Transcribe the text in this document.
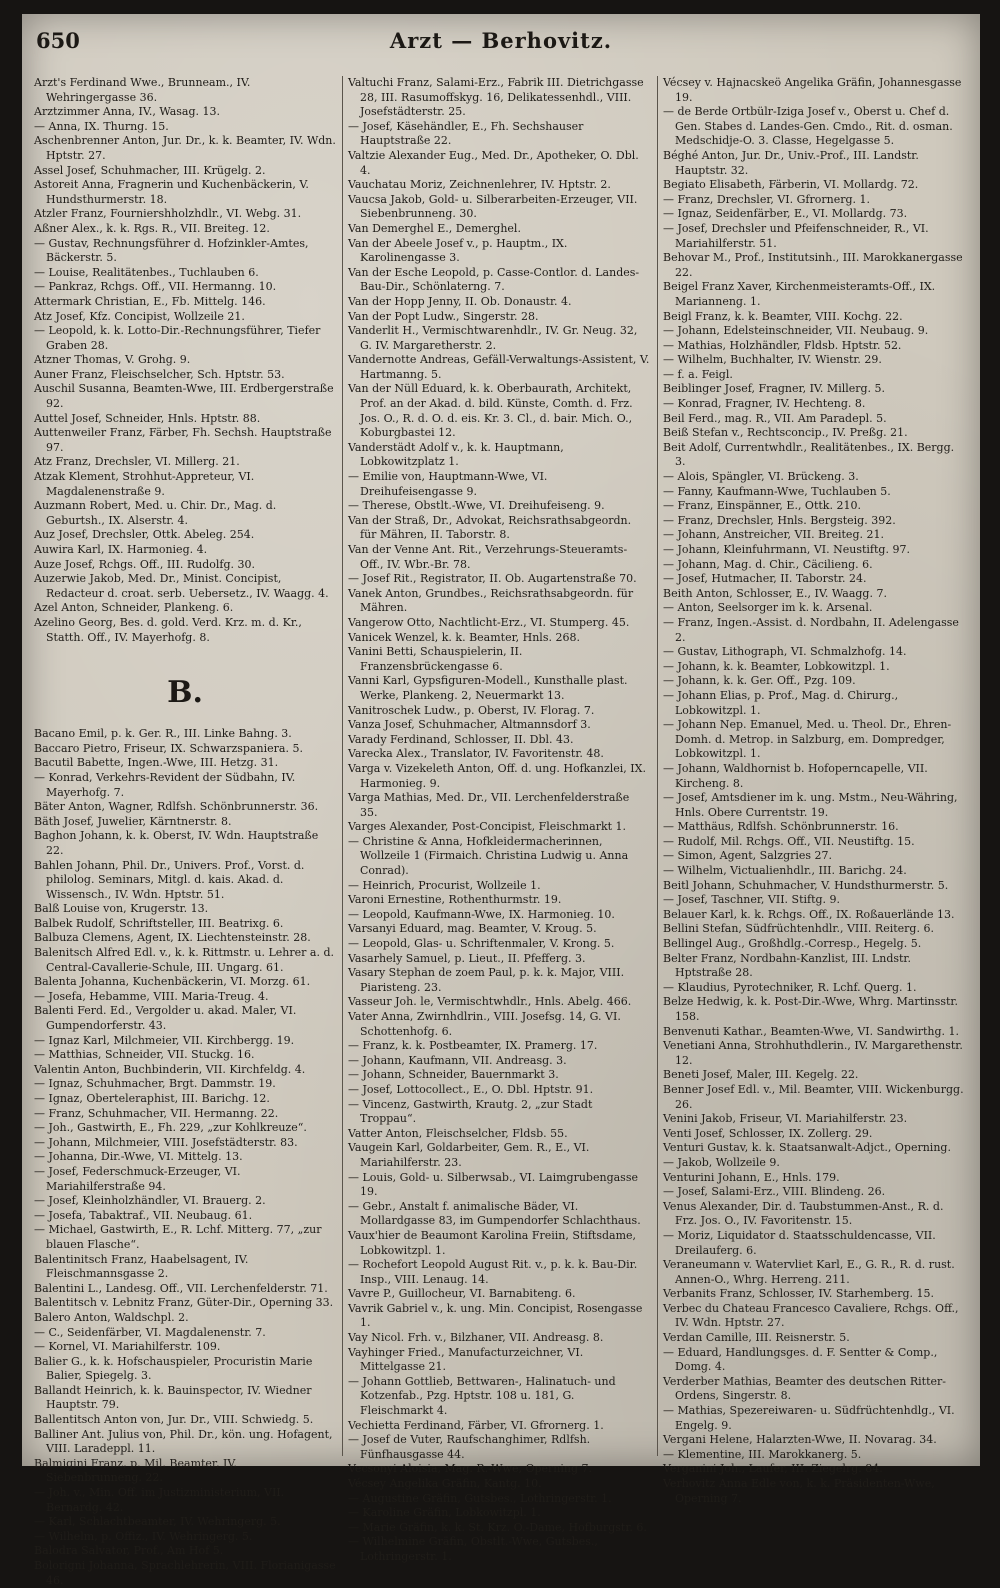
650	Arzt — Berhovitz.

Arzt's Ferdinand Wwe., Brunneam., IV. Wehringergasse 36.

Arztzimmer Anna, IV., Wasag. 13.

— Anna, IX. Thurng. 15.

Aschenbrenner Anton, Jur. Dr., k. k. Beamter, IV. Wdn. Hptstr. 27.

Assel Josef, Schuhmacher, III. Krügelg. 2.

Astoreit Anna, Fragnerin und Kuchenbäckerin, V. Hundsthurmerstr. 18.

Atzler Franz, Fourniershholzhdlr., VI. Webg. 31.

Aßner Alex., k. k. Rgs. R., VII. Breiteg. 12.

— Gustav, Rechnungsführer d. Hofzinkler-Amtes, Bäckerstr. 5.

— Louise, Realitätenbes., Tuchlauben 6.

— Pankraz, Rchgs. Off., VII. Hermanng. 10.

Attermark Christian, E., Fb. Mittelg. 146.

Atz Josef, Kfz. Concipist, Wollzeile 21.

— Leopold, k. k. Lotto-Dir.-Rechnungsführer, Tiefer Graben 28.

Atzner Thomas, V. Grohg. 9.

Auner Franz, Fleischselcher, Sch. Hptstr. 53.

Auschil Susanna, Beamten-Wwe, III. Erdbergerstraße 92.

Auttel Josef, Schneider, Hnls. Hptstr. 88.

Auttenweiler Franz, Färber, Fh. Sechsh. Hauptstraße 97.

Atz Franz, Drechsler, VI. Millerg. 21.

Atzak Klement, Strohhut-Appreteur, VI. Magdalenenstraße 9.

Auzmann Robert, Med. u. Chir. Dr., Mag. d. Geburtsh., IX. Alserstr. 4.

Auz Josef, Drechsler, Ottk. Abeleg. 254.

Auwira Karl, IX. Harmonieg. 4.

Auze Josef, Rchgs. Off., III. Rudolfg. 30.

Auzerwie Jakob, Med. Dr., Minist. Concipist, Redacteur d. croat. serb. Uebersetz., IV. Waagg. 4.

Azel Anton, Schneider, Plankeng. 6.

Azelino Georg, Bes. d. gold. Verd. Krz. m. d. Kr., Statth. Off., IV. Mayerhofg. 8.

B.

Bacano Emil, p. k. Ger. R., III. Linke Bahng. 3.

Baccaro Pietro, Friseur, IX. Schwarzspaniera. 5.

Bacutil Babette, Ingen.-Wwe, III. Hetzg. 31.

— Konrad, Verkehrs-Revident der Südbahn, IV. Mayerhofg. 7.

Bäter Anton, Wagner, Rdlfsh. Schönbrunnerstr. 36.

Bäth Josef, Juwelier, Kärntnerstr. 8.

Baghon Johann, k. k. Oberst, IV. Wdn. Hauptstraße 22.

Bahlen Johann, Phil. Dr., Univers. Prof., Vorst. d. philolog. Seminars, Mitgl. d. kais. Akad. d. Wissensch., IV. Wdn. Hptstr. 51.

Balß Louise von, Krugerstr. 13.

Balbek Rudolf, Schriftsteller, III. Beatrixg. 6.

Balbuza Clemens, Agent, IX. Liechtensteinstr. 28.

Balenitsch Alfred Edl. v., k. k. Rittmstr. u. Lehrer a. d. Central-Cavallerie-Schule, III. Ungarg. 61.

Balenta Johanna, Kuchenbäckerin, VI. Morzg. 61.

— Josefa, Hebamme, VIII. Maria-Treug. 4.

Balenti Ferd. Ed., Vergolder u. akad. Maler, VI. Gumpendorferstr. 43.

— Ignaz Karl, Milchmeier, VII. Kirchbergg. 19.

— Matthias, Schneider, VII. Stuckg. 16.

Valentin Anton, Buchbinderin, VII. Kirchfeldg. 4.

— Ignaz, Schuhmacher, Brgt. Dammstr. 19.

— Ignaz, Oberteleraphist, III. Barichg. 12.

— Franz, Schuhmacher, VII. Hermanng. 22.

— Joh., Gastwirth, E., Fh. 229, „zur Kohlkreuze“.

— Johann, Milchmeier, VIII. Josefstädterstr. 83.

— Johanna, Dir.-Wwe, VI. Mittelg. 13.

— Josef, Federschmuck-Erzeuger, VI. Mariahilferstraße 94.

— Josef, Kleinholzhändler, VI. Brauerg. 2.

— Josefa, Tabaktraf., VII. Neubaug. 61.

— Michael, Gastwirth, E., R. Lchf. Mitterg. 77, „zur blauen Flasche“.

Balentinitsch Franz, Haabelsagent, IV. Fleischmannsgasse 2.

Balentini L., Landesg. Off., VII. Lerchenfelderstr. 71.

Balentitsch v. Lebnitz Franz, Güter-Dir., Operning 33.

Balero Anton, Waldschpl. 2.

— C., Seidenfärber, VI. Magdalenenstr. 7.

— Kornel, VI. Mariahilferstr. 109.

Balier G., k. k. Hofschauspieler, Procuristin Marie Balier, Spiegelg. 3.

Ballandt Heinrich, k. k. Bauinspector, IV. Wiedner Hauptstr. 79.

Ballentitsch Anton von, Jur. Dr., VIII. Schwiedg. 5.

Balliner Ant. Julius von, Phil. Dr., kön. ung. Hofagent, VIII. Laradeppl. 11.

Balmigini Franz, p. Mil. Beamter, IV. Siebenbrunneng. 22.

— Joh. v., Min. Off. im Justizministerium, VII. Bernardg. 42.

— Karl, Schlachtbeamter, IV. Wehringerg. 5.

— Wilhelm, p. Offiz., IV. Wehringerg. 5.

Balodra Salvator, Prof., Am Hof 5.

Bolorigni Johanna, Sprachlehrerin, VIII. Florianigasse 46.

Valtuchi Franz, Salami-Erz., Fabrik III. Dietrichgasse 28, III. Rasumoffskyg. 16, Delikatessenhdl., VIII. Josefstädterstr. 25.

— Josef, Käsehändler, E., Fh. Sechshauser Hauptstraße 22.

Valtzie Alexander Eug., Med. Dr., Apotheker, O. Dbl. 4.

Vauchatau Moriz, Zeichnenlehrer, IV. Hptstr. 2.

Vaucsa Jakob, Gold- u. Silberarbeiten-Erzeuger, VII. Siebenbrunneng. 30.

Van Demerghel E., Demerghel.

Van der Abeele Josef v., p. Hauptm., IX. Karolinengasse 3.

Van der Esche Leopold, p. Casse-Contlor. d. Landes-Bau-Dir., Schönlaterng. 7.

Van der Hopp Jenny, II. Ob. Donaustr. 4.

Van der Popt Ludw., Singerstr. 28.

Vanderlit H., Vermischtwarenhdlr., IV. Gr. Neug. 32, G. IV. Margaretherstr. 2.

Vandernotte Andreas, Gefäll-Verwaltungs-Assistent, V. Hartmanng. 5.

Van der Nüll Eduard, k. k. Oberbaurath, Architekt, Prof. an der Akad. d. bild. Künste, Comth. d. Frz. Jos. O., R. d. O. d. eis. Kr. 3. Cl., d. bair. Mich. O., Koburgbastei 12.

Vanderstädt Adolf v., k. k. Hauptmann, Lobkowitzplatz 1.

— Emilie von, Hauptmann-Wwe, VI. Dreihufeisengasse 9.

— Therese, Obstlt.-Wwe, VI. Dreihufeiseng. 9.

Van der Straß, Dr., Advokat, Reichsrathsabgeordn. für Mähren, II. Taborstr. 8.

Van der Venne Ant. Rit., Verzehrungs-Steueramts-Off., IV. Wbr.-Br. 78.

— Josef Rit., Registrator, II. Ob. Augartenstraße 70.

Vanek Anton, Grundbes., Reichsrathsabgeordn. für Mähren.

Vangerow Otto, Nachtlicht-Erz., VI. Stumperg. 45.

Vanicek Wenzel, k. k. Beamter, Hnls. 268.

Vanini Betti, Schauspielerin, II. Franzensbrückengasse 6.

Vanni Karl, Gypsfiguren-Modell., Kunsthalle plast. Werke, Plankeng. 2, Neuermarkt 13.

Vanitroschek Ludw., p. Oberst, IV. Florag. 7.

Vanza Josef, Schuhmacher, Altmannsdorf 3.

Varady Ferdinand, Schlosser, II. Dbl. 43.

Varecka Alex., Translator, IV. Favoritenstr. 48.

Varga v. Vizekeleth Anton, Off. d. ung. Hofkanzlei, IX. Harmonieg. 9.

Varga Mathias, Med. Dr., VII. Lerchenfelderstraße 35.

Varges Alexander, Post-Concipist, Fleischmarkt 1.

— Christine & Anna, Hofkleidermacherinnen, Wollzeile 1 (Firmaich. Christina Ludwig u. Anna Conrad).

— Heinrich, Procurist, Wollzeile 1.

Varoni Ernestine, Rothenthurmstr. 19.

— Leopold, Kaufmann-Wwe, IX. Harmonieg. 10.

Varsanyi Eduard, mag. Beamter, V. Kroug. 5.

— Leopold, Glas- u. Schriftenmaler, V. Krong. 5.

Vasarhely Samuel, p. Lieut., II. Pfefferg. 3.

Vasary Stephan de zoem Paul, p. k. k. Major, VIII. Piaristeng. 23.

Vasseur Joh. le, Vermischtwhdlr., Hnls. Abelg. 466.

Vater Anna, Zwirnhdlrin., VIII. Josefsg. 14, G. VI. Schottenhofg. 6.

— Franz, k. k. Postbeamter, IX. Pramerg. 17.

— Johann, Kaufmann, VII. Andreasg. 3.

— Johann, Schneider, Bauernmarkt 3.

— Josef, Lottocollect., E., O. Dbl. Hptstr. 91.

— Vincenz, Gastwirth, Krautg. 2, „zur Stadt Troppau“.

Vatter Anton, Fleischselcher, Fldsb. 55.

Vaugein Karl, Goldarbeiter, Gem. R., E., VI. Mariahilferstr. 23.

— Louis, Gold- u. Silberwsab., VI. Laimgrubengasse 19.

— Gebr., Anstalt f. animalische Bäder, VI. Mollardgasse 83, im Gumpendorfer Schlachthaus.

Vaux'hier de Beaumont Karolina Freiin, Stiftsdame, Lobkowitzpl. 1.

— Rochefort Leopold August Rit. v., p. k. k. Bau-Dir. Insp., VIII. Lenaug. 14.

Vavre P., Guillocheur, VI. Barnabiteng. 6.

Vavrik Gabriel v., k. ung. Min. Concipist, Rosengasse 1.

Vay Nicol. Frh. v., Bilzhaner, VII. Andreasg. 8.

Vayhinger Fried., Manufacturzeichner, VI. Mittelgasse 21.

— Johann Gottlieb, Bettwaren-, Halinatuch- und Kotzenfab., Pzg. Hptstr. 108 u. 181, G. Fleischmarkt 4.

Vechietta Ferdinand, Färber, VI. Gfrornerg. 1.

— Josef de Vuter, Raufschanghimer, Rdlfsh. Fünfhausgasse 44.

Vecsonyi Aloisia, Mag. R.-Wwe, Operning 7.

Vécsey Angelika Gräfin, Kantg. 10.

— Augustine Gräfin, Gutsbes., Lothringerstr. 1.

— Karoline Gräfin, Lobkowitzpl. 1.

— Marie Gräfin, k. k. St. Krz. O.-Dame, Hofburgstr. 6.

— Wilhelmine Gräfin, Obstlt.-Wwe, Gutsbes., Lothringerstr. 1.

Vécsey v. Hajnacskeö Angelika Gräfin, Johannesgasse 19.

— de Berde Ortbülr-Iziga Josef v., Oberst u. Chef d. Gen. Stabes d. Landes-Gen. Cmdo., Rit. d. osman. Medschidje-O. 3. Classe, Hegelgasse 5.

Béghé Anton, Jur. Dr., Univ.-Prof., III. Landstr. Hauptstr. 32.

Begiato Elisabeth, Färberin, VI. Mollardg. 72.

— Franz, Drechsler, VI. Gfrornerg. 1.

— Ignaz, Seidenfärber, E., VI. Mollardg. 73.

— Josef, Drechsler und Pfeifenschneider, R., VI. Mariahilferstr. 51.

Behovar M., Prof., Institutsinh., III. Marokkanergasse 22.

Beigel Franz Xaver, Kirchenmeisteramts-Off., IX. Marianneng. 1.

Beigl Franz, k. k. Beamter, VIII. Kochg. 22.

— Johann, Edelsteinschneider, VII. Neubaug. 9.

— Mathias, Holzhändler, Fldsb. Hptstr. 52.

— Wilhelm, Buchhalter, IV. Wienstr. 29.

— f. a. Feigl.

Beiblinger Josef, Fragner, IV. Millerg. 5.

— Konrad, Fragner, IV. Hechteng. 8.

Beil Ferd., mag. R., VII. Am Paradepl. 5.

Beiß Stefan v., Rechtsconcip., IV. Preßg. 21.

Beit Adolf, Currentwhdlr., Realitätenbes., IX. Bergg. 3.

— Alois, Spängler, VI. Brückeng. 3.

— Fanny, Kaufmann-Wwe, Tuchlauben 5.

— Franz, Einspänner, E., Ottk. 210.

— Franz, Drechsler, Hnls. Bergsteig. 392.

— Johann, Anstreicher, VII. Breiteg. 21.

— Johann, Kleinfuhrmann, VI. Neustiftg. 97.

— Johann, Mag. d. Chir., Cäcilieng. 6.

— Josef, Hutmacher, II. Taborstr. 24.

Beith Anton, Schlosser, E., IV. Waagg. 7.

— Anton, Seelsorger im k. k. Arsenal.

— Franz, Ingen.-Assist. d. Nordbahn, II. Adelengasse 2.

— Gustav, Lithograph, VI. Schmalzhofg. 14.

— Johann, k. k. Beamter, Lobkowitzpl. 1.

— Johann, k. k. Ger. Off., Pzg. 109.

— Johann Elias, p. Prof., Mag. d. Chirurg., Lobkowitzpl. 1.

— Johann Nep. Emanuel, Med. u. Theol. Dr., Ehren-Domh. d. Metrop. in Salzburg, em. Dompredger, Lobkowitzpl. 1.

— Johann, Waldhornist b. Hofoperncapelle, VII. Kircheng. 8.

— Josef, Amtsdiener im k. ung. Mstm., Neu-Währing, Hnls. Obere Currentstr. 19.

— Matthäus, Rdlfsh. Schönbrunnerstr. 16.

— Rudolf, Mil. Rchgs. Off., VII. Neustiftg. 15.

— Simon, Agent, Salzgries 27.

— Wilhelm, Victualienhdlr., III. Barichg. 24.

Beitl Johann, Schuhmacher, V. Hundsthurmerstr. 5.

— Josef, Taschner, VII. Stiftg. 9.

Belauer Karl, k. k. Rchgs. Off., IX. Roßauerlände 13.

Bellini Stefan, Südfrüchtenhdlr., VIII. Reiterg. 6.

Bellingel Aug., Großhdlg.-Corresp., Hegelg. 5.

Belter Franz, Nordbahn-Kanzlist, III. Lndstr. Hptstraße 28.

— Klaudius, Pyrotechniker, R. Lchf. Querg. 1.

Belze Hedwig, k. k. Post-Dir.-Wwe, Whrg. Martinsstr. 158.

Benvenuti Kathar., Beamten-Wwe, VI. Sandwirthg. 1.

Venetiani Anna, Strohhuthdlerin., IV. Margarethenstr. 12.

Beneti Josef, Maler, III. Kegelg. 22.

Benner Josef Edl. v., Mil. Beamter, VIII. Wickenburgg. 26.

Venini Jakob, Friseur, VI. Mariahilferstr. 23.

Venti Josef, Schlosser, IX. Zollerg. 29.

Venturi Gustav, k. k. Staatsanwalt-Adjct., Operning.

— Jakob, Wollzeile 9.

Venturini Johann, E., Hnls. 179.

— Josef, Salami-Erz., VIII. Blindeng. 26.

Venus Alexander, Dir. d. Taubstummen-Anst., R. d. Frz. Jos. O., IV. Favoritenstr. 15.

— Moriz, Liquidator d. Staatsschuldencasse, VII. Dreilauferg. 6.

Veraneumann v. Watervliet Karl, E., G. R., R. d. rust. Annen-O., Whrg. Herreng. 211.

Verbanits Franz, Schlosser, IV. Starhemberg. 15.

Verbec du Chateau Francesco Cavaliere, Rchgs. Off., IV. Wdn. Hptstr. 27.

Verdan Camille, III. Reisnerstr. 5.

— Eduard, Handlungsges. d. F. Sentter & Comp., Domg. 4.

Verderber Mathias, Beamter des deutschen Ritter-Ordens, Singerstr. 8.

— Mathias, Spezereiwaren- u. Südfrüchtenhdlg., VI. Engelg. 9.

Vergani Helene, Halarzten-Wwe, II. Novarag. 34.

— Klementine, III. Marokkanerg. 5.

Verganini Joh., Laufer, III. Ziegelrg. 84.

Verhovitz Anna Edle von, k. k. Präsidenten-Wwe, Operning 7.
